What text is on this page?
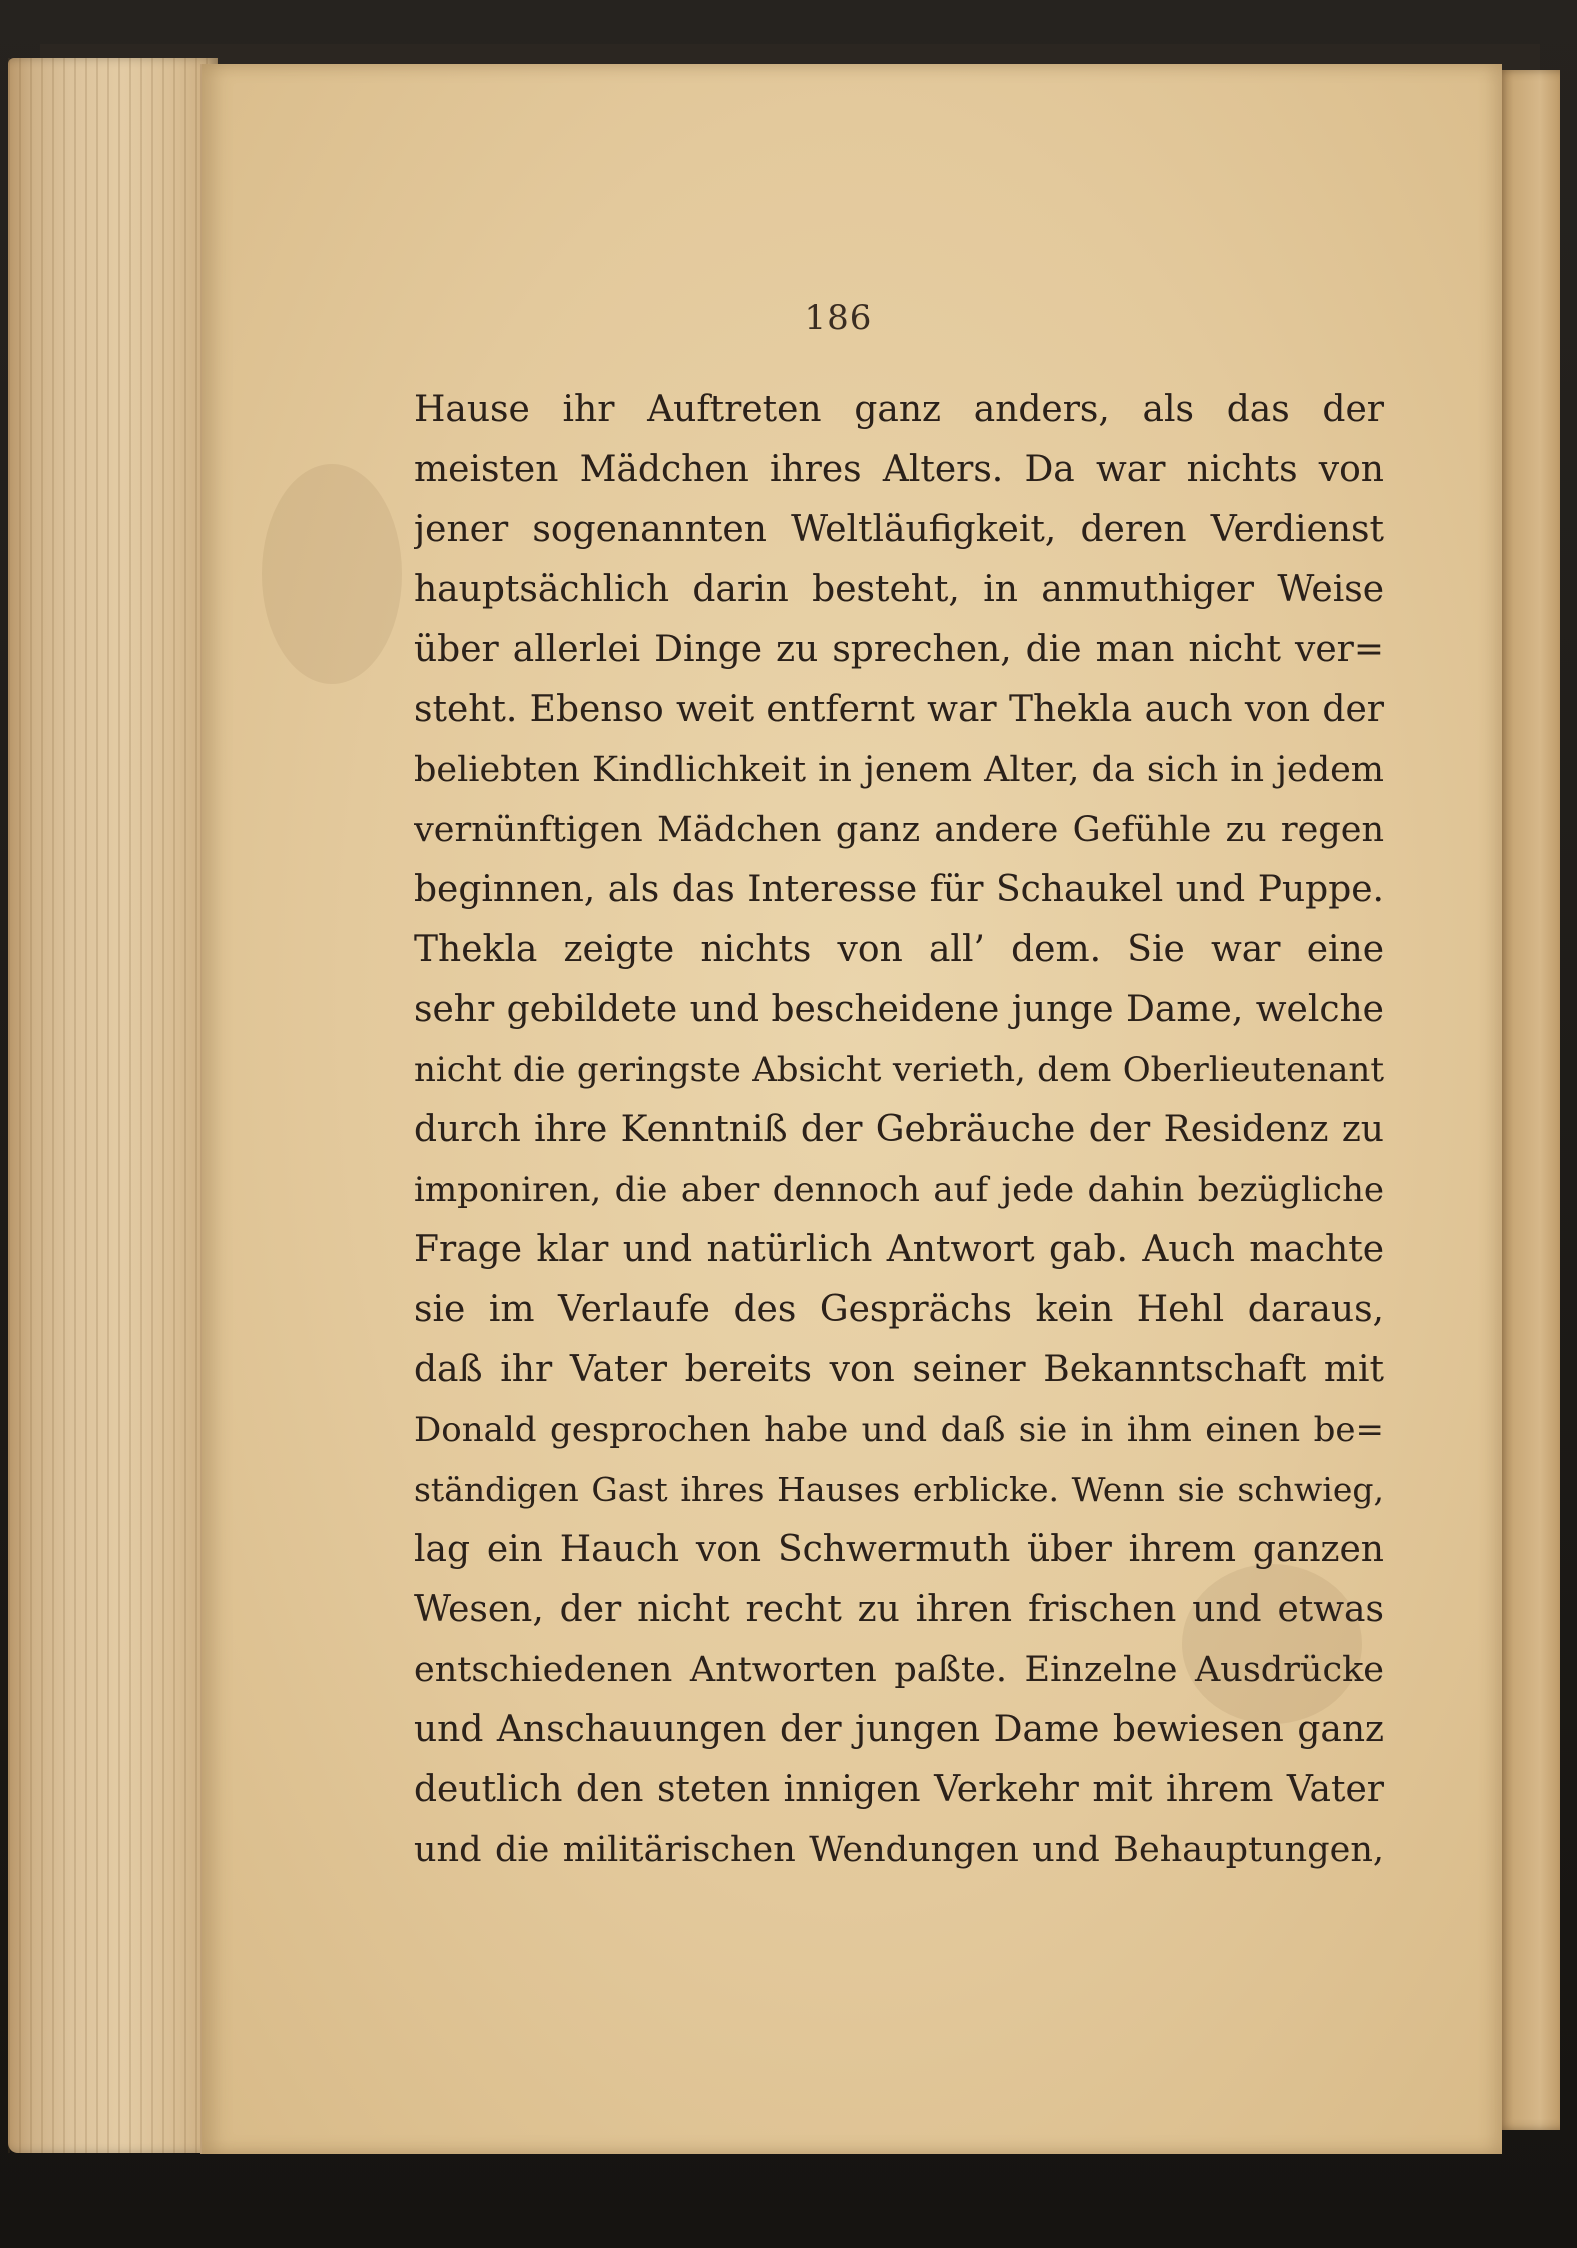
186
Hause ihr Auftreten ganz anders, als das der
meisten Mädchen ihres Alters. Da war nichts von
jener sogenannten Weltläufigkeit, deren Verdienst
hauptsächlich darin besteht, in anmuthiger Weise
über allerlei Dinge zu sprechen, die man nicht ver=
steht. Ebenso weit entfernt war Thekla auch von der
beliebten Kindlichkeit in jenem Alter, da sich in jedem
vernünftigen Mädchen ganz andere Gefühle zu regen
beginnen, als das Interesse für Schaukel und Puppe.
Thekla zeigte nichts von all’ dem. Sie war eine
sehr gebildete und bescheidene junge Dame, welche
nicht die geringste Absicht verieth, dem Oberlieutenant
durch ihre Kenntniß der Gebräuche der Residenz zu
imponiren, die aber dennoch auf jede dahin bezügliche
Frage klar und natürlich Antwort gab. Auch machte
sie im Verlaufe des Gesprächs kein Hehl daraus,
daß ihr Vater bereits von seiner Bekanntschaft mit
Donald gesprochen habe und daß sie in ihm einen be=
ständigen Gast ihres Hauses erblicke. Wenn sie schwieg,
lag ein Hauch von Schwermuth über ihrem ganzen
Wesen, der nicht recht zu ihren frischen und etwas
entschiedenen Antworten paßte. Einzelne Ausdrücke
und Anschauungen der jungen Dame bewiesen ganz
deutlich den steten innigen Verkehr mit ihrem Vater
und die militärischen Wendungen und Behauptungen,
